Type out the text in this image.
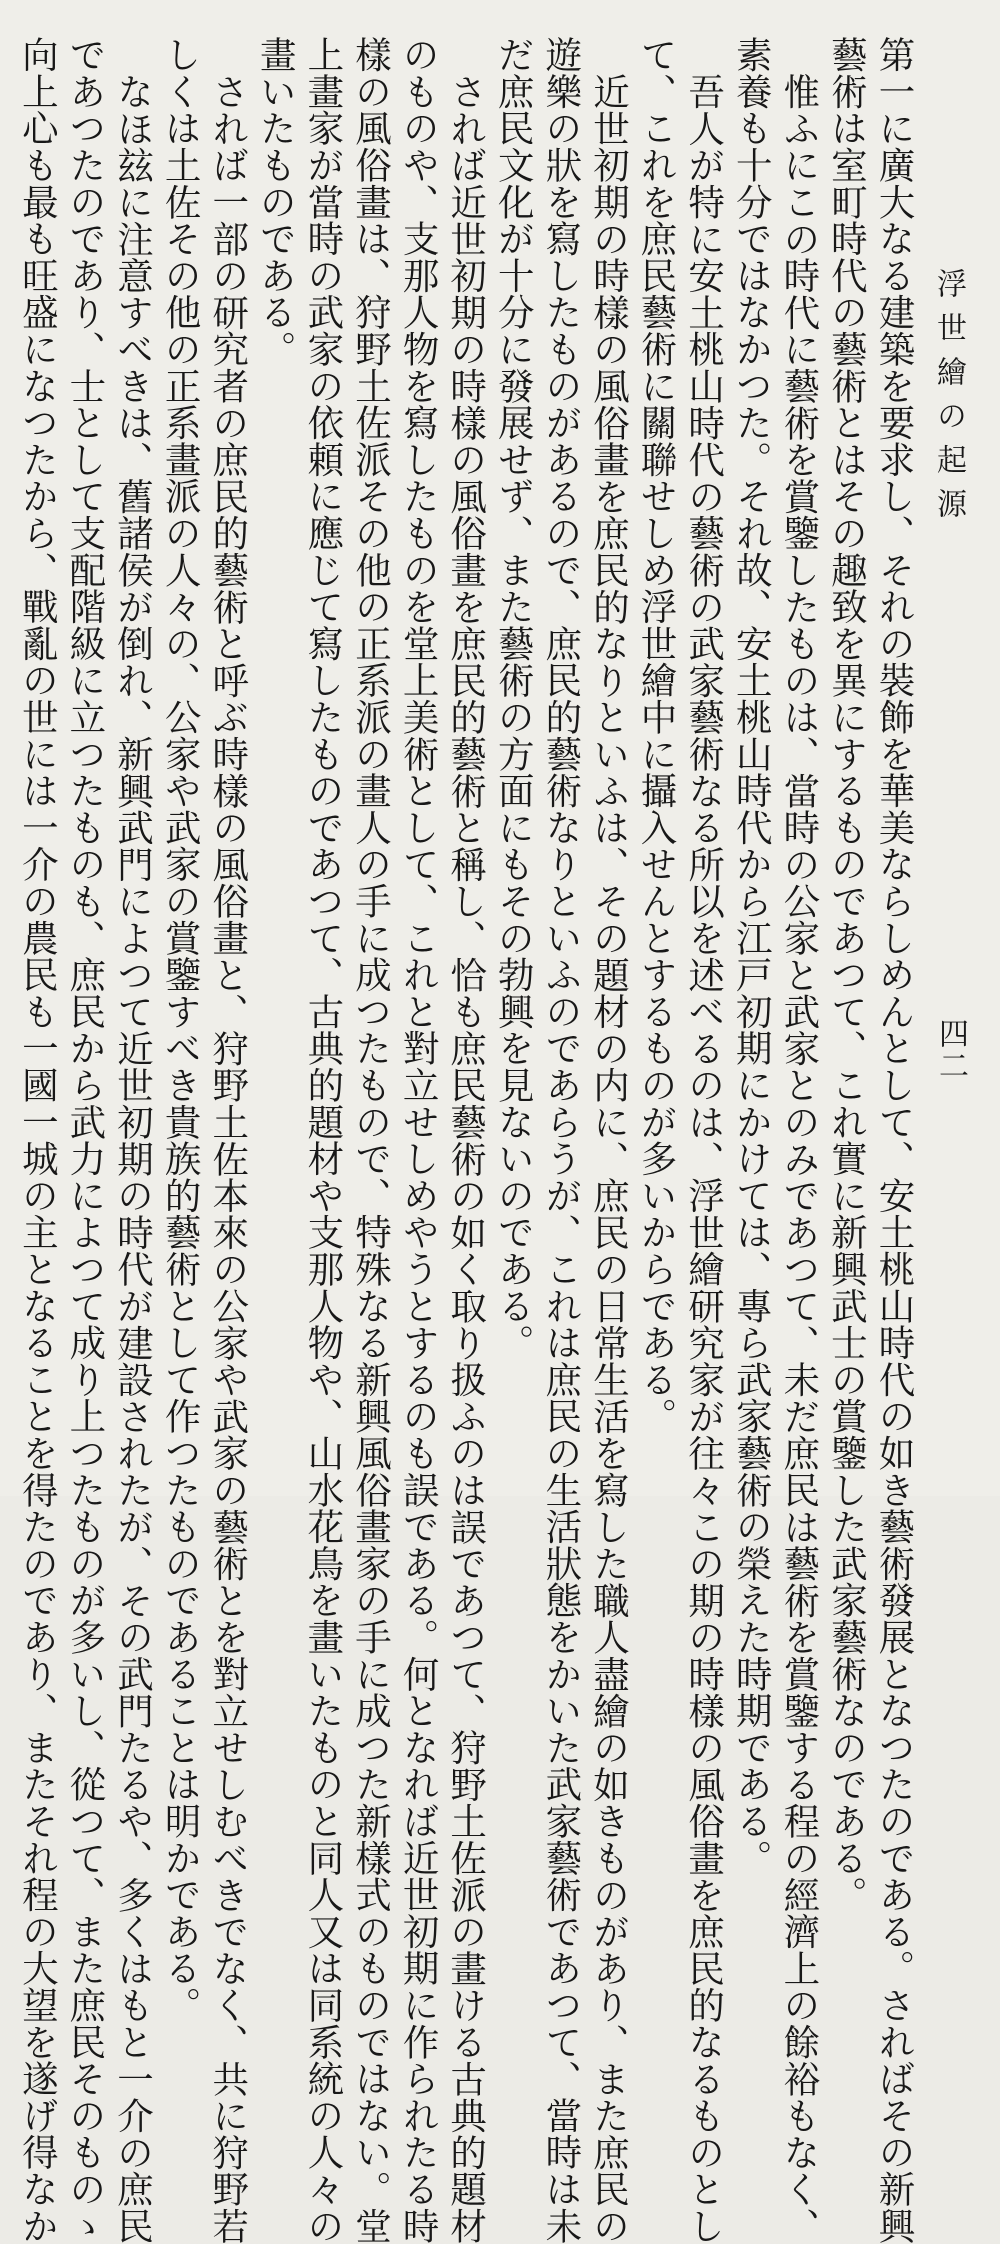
浮世繪の起源
四二
第一に廣大なる建築を要求し、それの裝飾を華美ならしめんとして、安土桃山時代の如き藝術發展となつたのである。さればその新興
藝術は室町時代の藝術とはその趣致を異にするものであつて、これ實に新興武士の賞鑒した武家藝術なのである。
惟ふにこの時代に藝術を賞鑒したものは、當時の公家と武家とのみであつて、未だ庶民は藝術を賞鑒する程の經濟上の餘裕もなく、
素養も十分ではなかつた。それ故、安土桃山時代から江戸初期にかけては、專ら武家藝術の榮えた時期である。
吾人が特に安土桃山時代の藝術の武家藝術なる所以を述べるのは、浮世繪研究家が往々この期の時樣の風俗畫を庶民的なるものとし
て、これを庶民藝術に關聯せしめ浮世繪中に攝入せんとするものが多いからである。
近世初期の時樣の風俗畫を庶民的なりといふは、その題材の内に、庶民の日常生活を寫した職人盡繪の如きものがあり、また庶民の
遊樂の狀を寫したものがあるので、庶民的藝術なりといふのであらうが、これは庶民の生活狀態をかいた武家藝術であつて、當時は未
だ庶民文化が十分に發展せず、また藝術の方面にもその勃興を見ないのである。
されば近世初期の時樣の風俗畫を庶民的藝術と稱し、恰も庶民藝術の如く取り扱ふのは誤であつて、狩野土佐派の畫ける古典的題材
のものや、支那人物を寫したものを堂上美術として、これと對立せしめやうとするのも誤である。何となれば近世初期に作られたる時
樣の風俗畫は、狩野土佐派その他の正系派の畫人の手に成つたもので、特殊なる新興風俗畫家の手に成つた新樣式のものではない。堂
上畫家が當時の武家の依頼に應じて寫したものであつて、古典的題材や支那人物や、山水花鳥を畫いたものと同人又は同系統の人々の
畫いたものである。
されば一部の研究者の庶民的藝術と呼ぶ時樣の風俗畫と、狩野土佐本來の公家や武家の藝術とを對立せしむべきでなく、共に狩野若
しくは土佐その他の正系畫派の人々の、公家や武家の賞鑒すべき貴族的藝術として作つたものであることは明かである。
なほ玆に注意すべきは、舊諸侯が倒れ、新興武門によつて近世初期の時代が建設されたが、その武門たるや、多くはもと一介の庶民
であつたのであり、士として支配階級に立つたものも、庶民から武力によつて成り上つたものが多いし、從つて、また庶民そのものゝ
向上心も最も旺盛になつたから、戰亂の世には一介の農民も一國一城の主となることを得たのであり、またそれ程の大望を遂げ得なか
